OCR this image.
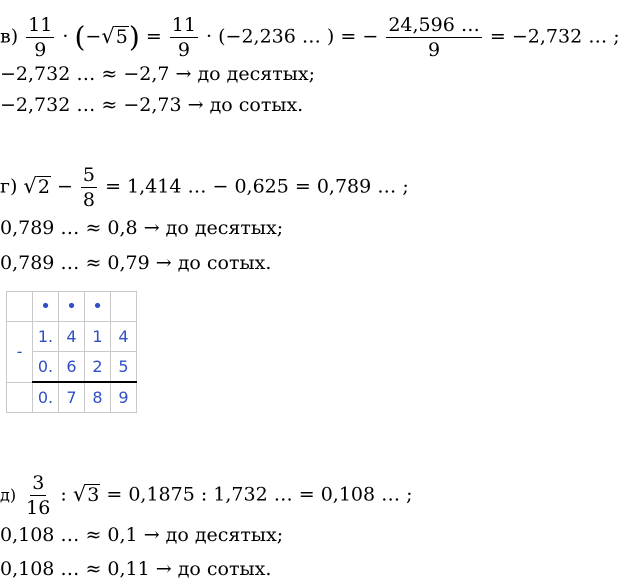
$в) \frac{11}{9}$ · (− √ 5 ) = $\frac{11}{9} \cdot (-2,236$ … ) = − $\frac{24,596 \dots}{9} = -2,732$ … ;
−2,732 … ≈ −2,7 → до десятых;
−2,732 … ≈ −2,73 → до сотых.
г) √ $2 - \frac{5}{8} = 1,414$ … − 0,625 = 0,789 … ;
0,789 … ≈ 0,8 → до десятых;
0,789 … ≈ 0,79 → до сотых.
	•	•	•	
-	1.	4	1	4
	0.	6	2	5
	0.	7	8	9
$д) \frac{3}{16}$ : √ 3 = 0,1875 : 1,732 … = 0,108 … ;
0,108 … ≈ 0,1 → до десятых;
0,108 … ≈ 0,11 → до сотых.
